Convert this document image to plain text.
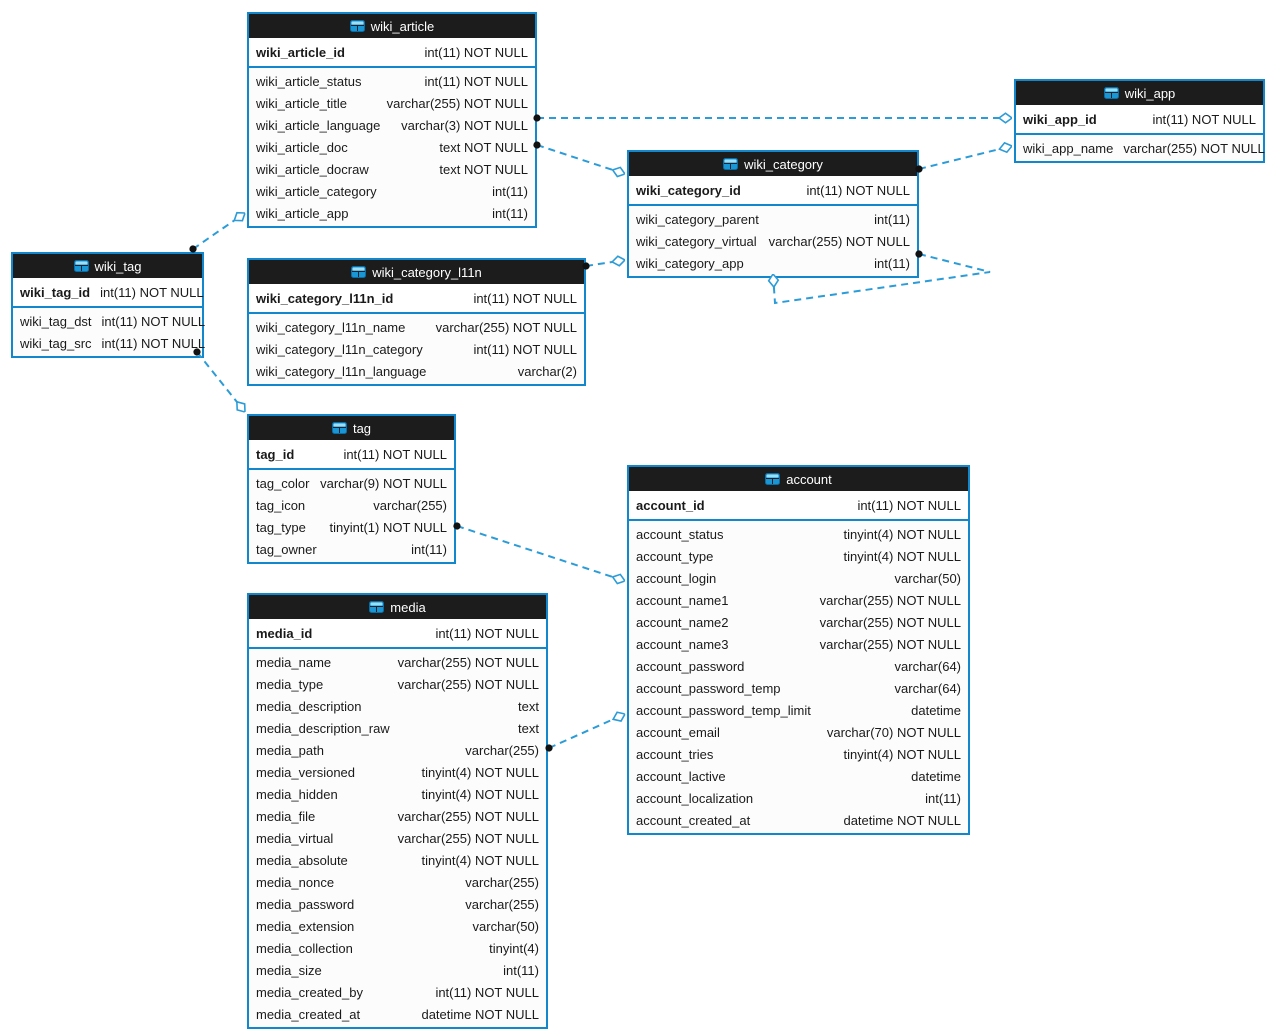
wiki_article
wiki_article_id	int(11) NOT NULL
wiki_article_status	int(11) NOT NULL
wiki_article_title	varchar(255) NOT NULL
wiki_article_language varchar(3) NOT NULL
wiki_article_doc	text NOT NULL
wiki_article_docraw	text NOT NULL
wiki_article_category	int(11)
wiki_article_app	int(11)
wiki_app
wiki_app_id	int(11) NOT NULL
wiki_app_name varchar(255) NOT NULL
wiki_category
wiki_category_id	int(11) NOT NULL
wiki_category_parent	int(11)
wiki_category_virtual varchar(255) NOT NULL
wiki_category_app	int(11)
wiki_tag
wiki_tag_id int(11) NOT NULL
wiki_tag_dst int(11) NOT NULL
wiki_tag_src int(11) NOT NULL
wiki_category_l11n
wiki_category_l11n_id	int(11) NOT NULL
wiki_category_l11n_name varchar(255) NOT NULL
wiki_category_l11n_category	int(11) NOT NULL
wiki_category_l11n_language	varchar(2)
tag
tag_id	int(11) NOT NULL
tag_color varchar(9) NOT NULL
tag_icon	varchar(255)
tag_type tinyint(1) NOT NULL
tag_owner	int(11)
media
media_id	int(11) NOT NULL
media_name	varchar(255) NOT NULL
media_type	varchar(255) NOT NULL
media_description	text
media_description_raw	text
media_path	varchar(255)
media_versioned	tinyint(4) NOT NULL
media_hidden	tinyint(4) NOT NULL
media_file	varchar(255) NOT NULL
media_virtual	varchar(255) NOT NULL
media_absolute	tinyint(4) NOT NULL
media_nonce	varchar(255)
media_password	varchar(255)
media_extension	varchar(50)
media_collection	tinyint(4)
media_size	int(11)
media_created_by	int(11) NOT NULL
media_created_at	datetime NOT NULL
account
account_id	int(11) NOT NULL
account_status	tinyint(4) NOT NULL
account_type	tinyint(4) NOT NULL
account_login	varchar(50)
account_name1	varchar(255) NOT NULL
account_name2	varchar(255) NOT NULL
account_name3	varchar(255) NOT NULL
account_password	varchar(64)
account_password_temp	varchar(64)
account_password_temp_limit	datetime
account_email	varchar(70) NOT NULL
account_tries	tinyint(4) NOT NULL
account_lactive	datetime
account_localization	int(11)
account_created_at	datetime NOT NULL
